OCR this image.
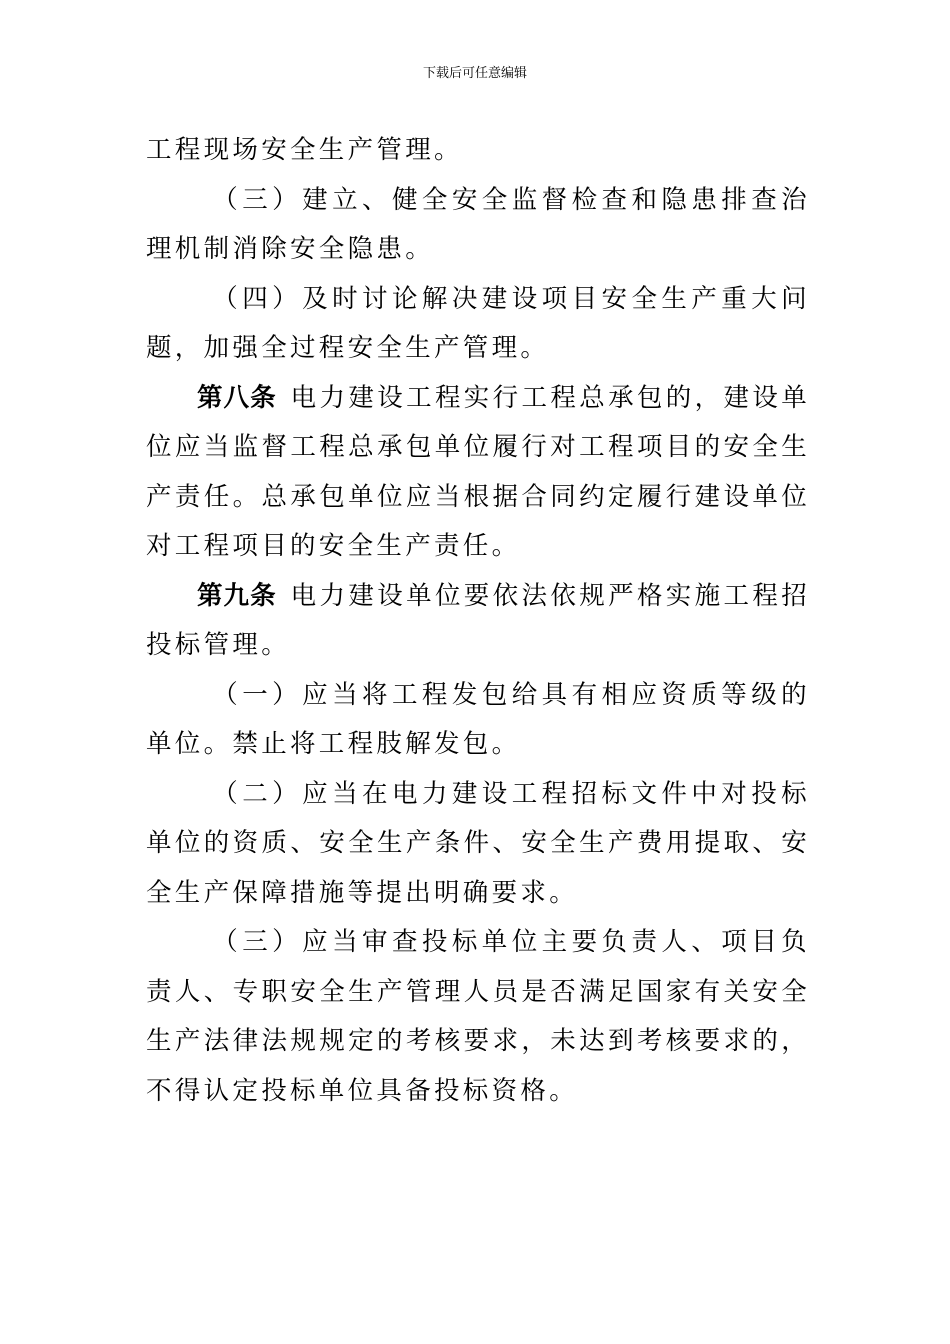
下载后可任意编辑

工程现场安全生产管理。

（三）建立、健全安全监督检查和隐患排查治理机制消除安全隐患。

（四）及时讨论解决建设项目安全生产重大问题，加强全过程安全生产管理。

第八条 电力建设工程实行工程总承包的，建设单位应当监督工程总承包单位履行对工程项目的安全生产责任。总承包单位应当根据合同约定履行建设单位对工程项目的安全生产责任。

第九条 电力建设单位要依法依规严格实施工程招投标管理。

（一）应当将工程发包给具有相应资质等级的单位。禁止将工程肢解发包。

（二）应当在电力建设工程招标文件中对投标单位的资质、安全生产条件、安全生产费用提取、安全生产保障措施等提出明确要求。

（三）应当审查投标单位主要负责人、项目负责人、专职安全生产管理人员是否满足国家有关安全生产法律法规规定的考核要求，未达到考核要求的，不得认定投标单位具备投标资格。
